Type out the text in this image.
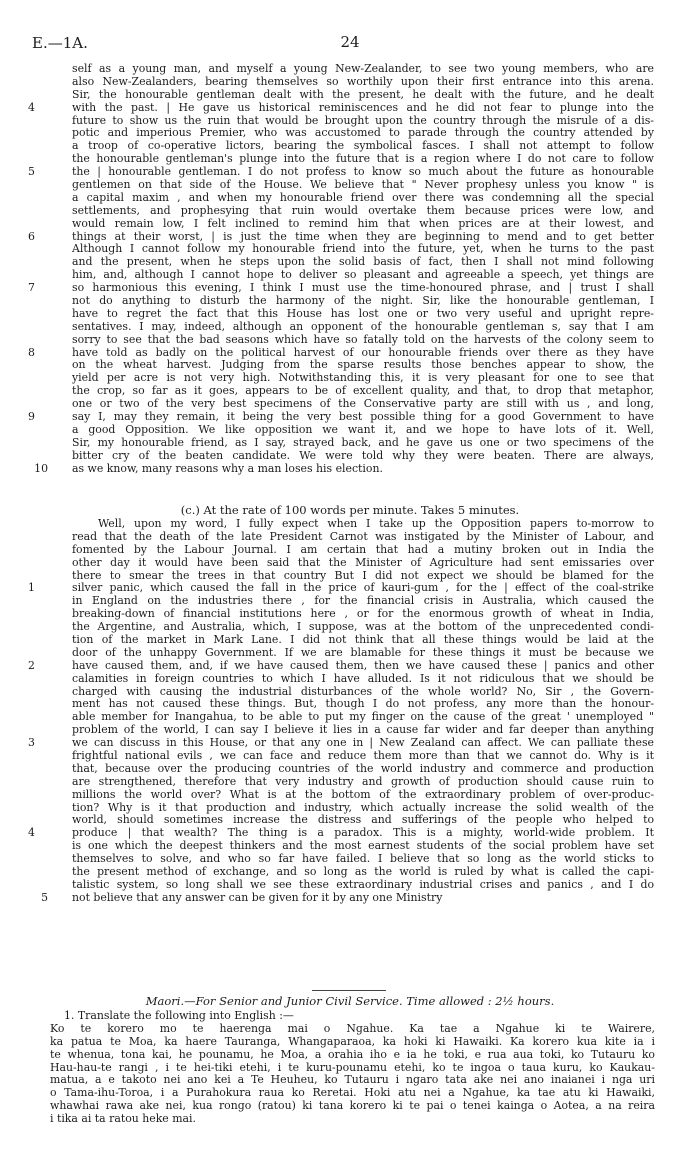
E.—1A.	24
self as a young man, and myself a young New-Zealander, to see two young members, who are
also New-Zealanders, bearing themselves so worthily upon their first entrance into this arena.
Sir, the honourable gentleman dealt with the present, he dealt with the future, and he dealt
with the past. | He gave us historical reminiscences and he did not fear to plunge into the
4
future to show us the ruin that would be brought upon the country through the misrule of a dis-
potic and imperious Premier, who was accustomed to parade through the country attended by
a troop of co-operative lictors, bearing the symbolical fasces. I shall not attempt to follow
the honourable gentleman's plunge into the future that is a region where I do not care to follow
the | honourable gentleman. I do not profess to know so much about the future as honourable
5
gentlemen on that side of the House. We believe that " Never prophesy unless you know " is
a capital maxim , and when my honourable friend over there was condemning all the special
settlements, and prophesying that ruin would overtake them because prices were low, and
would remain low, I felt inclined to remind him that when prices are at their lowest, and
things at their worst, | is just the time when they are beginning to mend and to get better
6
Although I cannot follow my honourable friend into the future, yet, when he turns to the past
and the present, when he steps upon the solid basis of fact, then I shall not mind following
him, and, although I cannot hope to deliver so pleasant and agreeable a speech, yet things are
so harmonious this evening, I think I must use the time-honoured phrase, and | trust I shall
7
not do anything to disturb the harmony of the night. Sir, like the honourable gentleman, I
have to regret the fact that this House has lost one or two very useful and upright repre-
sentatives. I may, indeed, although an opponent of the honourable gentleman s, say that I am
sorry to see that the bad seasons which have so fatally told on the harvests of the colony seem to
have told as badly on the political harvest of our honourable friends over there as they have
8
on the wheat harvest. Judging from the sparse results those benches appear to show, the
yield per acre is not very high. Notwithstanding this, it is very pleasant for one to see that
the crop, so far as it goes, appears to be of excellent quality, and that, to drop that metaphor,
one or two of the very best specimens of the Conservative party are still with us , and long,
say I, may they remain, it being the very best possible thing for a good Government to have
9
a good Opposition. We like opposition we want it, and we hope to have lots of it. Well,
Sir, my honourable friend, as I say, strayed back, and he gave us one or two specimens of the
bitter cry of the beaten candidate. We were told why they were beaten. There are always,
as we know, many reasons why a man loses his election.
10
(c.) At the rate of 100 words per minute. Takes 5 minutes.
Well, upon my word, I fully expect when I take up the Opposition papers to-morrow to
read that the death of the late President Carnot was instigated by the Minister of Labour, and
fomented by the Labour Journal. I am certain that had a mutiny broken out in India the
other day it would have been said that the Minister of Agriculture had sent emissaries over
there to smear the trees in that country But I did not expect we should be blamed for the
silver panic, which caused the fall in the price of kauri-gum , for the | effect of the coal-strike
1
in England on the industries there , for the financial crisis in Australia, which caused the
breaking-down of financial institutions here , or for the enormous growth of wheat in India,
the Argentine, and Australia, which, I suppose, was at the bottom of the unprecedented condi-
tion of the market in Mark Lane. I did not think that all these things would be laid at the
door of the unhappy Government. If we are blamable for these things it must be because we
have caused them, and, if we have caused them, then we have caused these | panics and other
2
calamities in foreign countries to which I have alluded. Is it not ridiculous that we should be
charged with causing the industrial disturbances of the whole world? No, Sir , the Govern-
ment has not caused these things. But, though I do not profess, any more than the honour-
able member for Inangahua, to be able to put my finger on the cause of the great ' unemployed "
problem of the world, I can say I believe it lies in a cause far wider and far deeper than anything
we can discuss in this House, or that any one in | New Zealand can affect. We can palliate these
3
frightful national evils , we can face and reduce them more than that we cannot do. Why is it
that, because over the producing countries of the world industry and commerce and production
are strengthened, therefore that very industry and growth of production should cause ruin to
millions the world over? What is at the bottom of the extraordinary problem of over-produc-
tion? Why is it that production and industry, which actually increase the solid wealth of the
world, should sometimes increase the distress and sufferings of the people who helped to
produce | that wealth? The thing is a paradox. This is a mighty, world-wide problem. It
4
is one which the deepest thinkers and the most earnest students of the social problem have set
themselves to solve, and who so far have failed. I believe that so long as the world sticks to
the present method of exchange, and so long as the world is ruled by what is called the capi-
talistic system, so long shall we see these extraordinary industrial crises and panics , and I do
not believe that any answer can be given for it by any one Ministry
5
Maori.—For Senior and Junior Civil Service. Time allowed : 2½ hours.
1. Translate the following into English :—
Ko te korero mo te haerenga mai o Ngahue. Ka tae a Ngahue ki te Wairere,
ka patua te Moa, ka haere Tauranga, Whangaparaoa, ka hoki ki Hawaiki. Ka korero kua kite ia i
te whenua, tona kai, he pounamu, he Moa, a orahia iho e ia he toki, e rua aua toki, ko Tutauru ko
Hau-hau-te rangi , i te hei-tiki etehi, i te kuru-pounamu etehi, ko te ingoa o taua kuru, ko Kaukau-
matua, a e takoto nei ano kei a Te Heuheu, ko Tutauru i ngaro tata ake nei ano inaianei i nga uri
o Tama-ihu-Toroa, i a Purahokura raua ko Reretai. Hoki atu nei a Ngahue, ka tae atu ki Hawaiki,
whawhai rawa ake nei, kua rongo (ratou) ki tana korero ki te pai o tenei kainga o Aotea, a na reira
i tika ai ta ratou heke mai.
